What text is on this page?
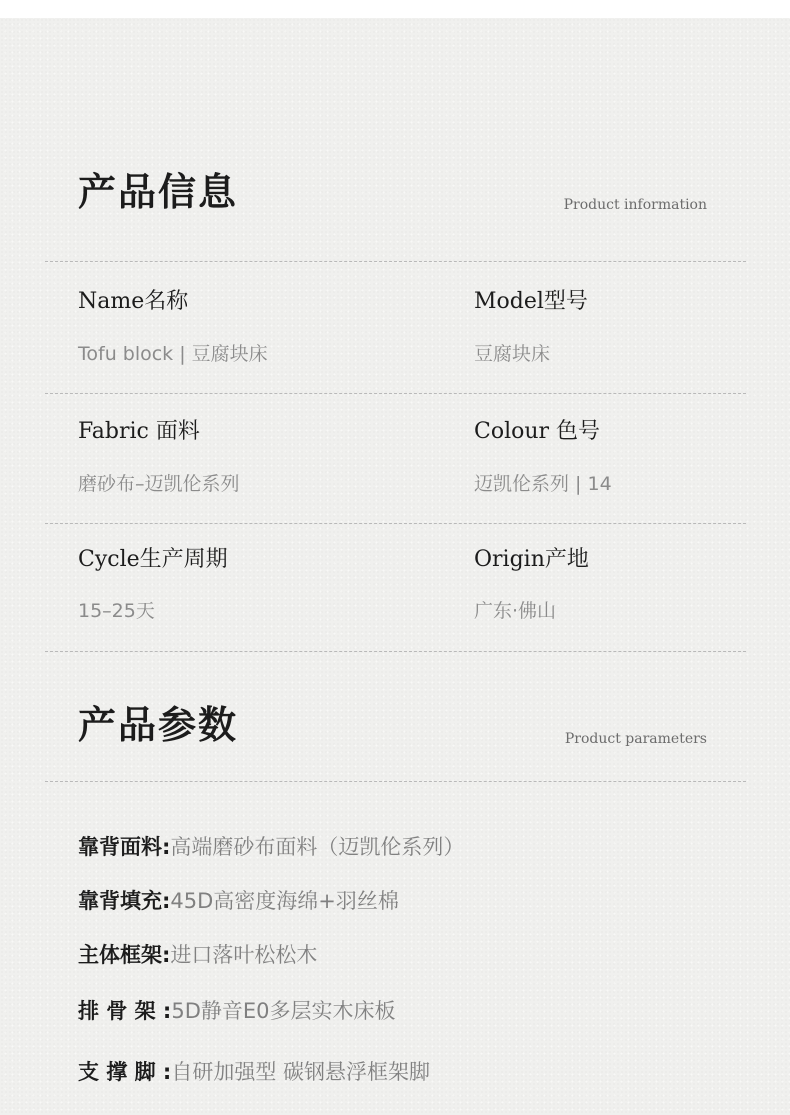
产品信息	Product information

Name名称

Tofu block | 豆腐块床

Model型号

豆腐块床

Fabric 面料

磨砂布–迈凯伦系列

Colour 色号

迈凯伦系列 | 14

Cycle生产周期

15–25天

Origin产地

广东·佛山

产品参数	Product parameters
靠背面料: 高端磨砂布面料（迈凯伦系列）
靠背填充: 45D高密度海绵+羽丝棉
主体框架: 进口落叶松松木
排 骨 架 : 5D静音E0多层实木床板
支 撑 脚 : 自研加强型 碳钢悬浮框架脚
